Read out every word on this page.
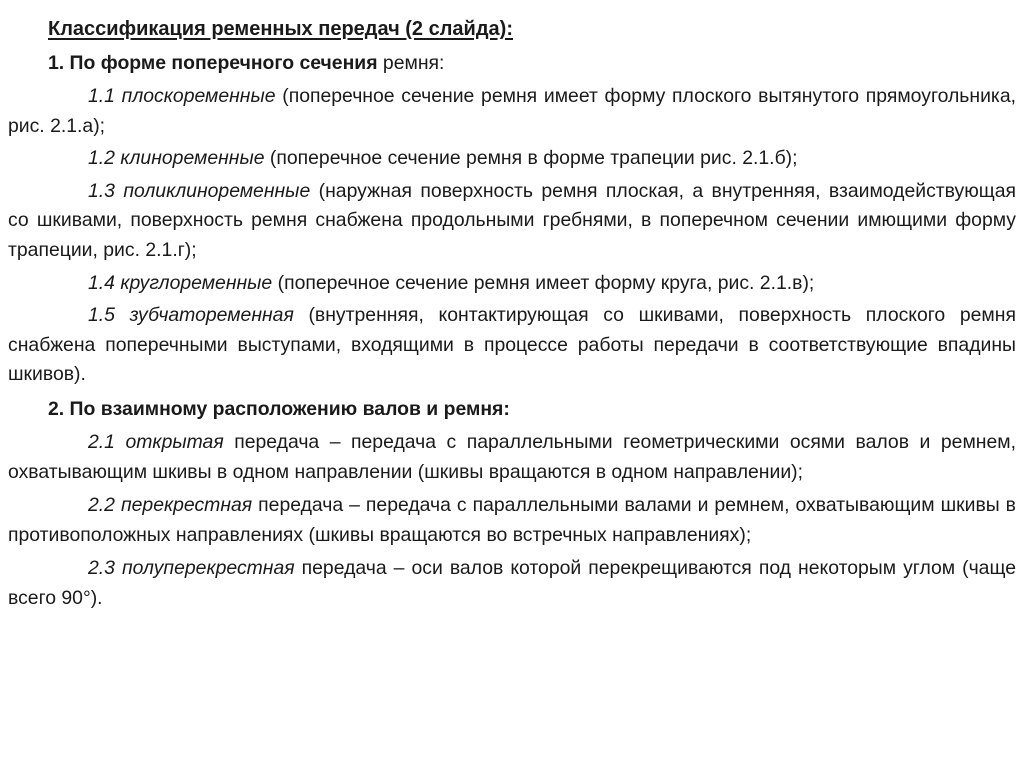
Классификация ременных передач (2 слайда):
1. По форме поперечного сечения ремня:
1.1 плоскоременные (поперечное сечение ремня имеет форму плоского вытянутого прямоугольника, рис. 2.1.а);
1.2 клиноременные (поперечное сечение ремня в форме трапеции рис. 2.1.б);
1.3 поликлиноременные (наружная поверхность ремня плоская, а внутренняя, взаимодействующая со шкивами, поверхность ремня снабжена продольными гребнями, в поперечном сечении имющими форму трапеции, рис. 2.1.г);
1.4 круглоременные (поперечное сечение ремня имеет форму круга, рис. 2.1.в);
1.5 зубчатоременная (внутренняя, контактирующая со шкивами, поверхность плоского ремня снабжена поперечными выступами, входящими в процессе работы передачи в соответствующие впадины шкивов).
2. По взаимному расположению валов и ремня:
2.1 открытая передача – передача с параллельными геометрическими осями валов и ремнем, охватывающим шкивы в одном направлении (шкивы вращаются в одном направлении);
2.2 перекрестная передача – передача с параллельными валами и ремнем, охватывающим шкивы в противоположных направлениях (шкивы вращаются во встречных направлениях);
2.3 полуперекрестная передача – оси валов которой перекрещиваются под некоторым углом (чаще всего 90°).
